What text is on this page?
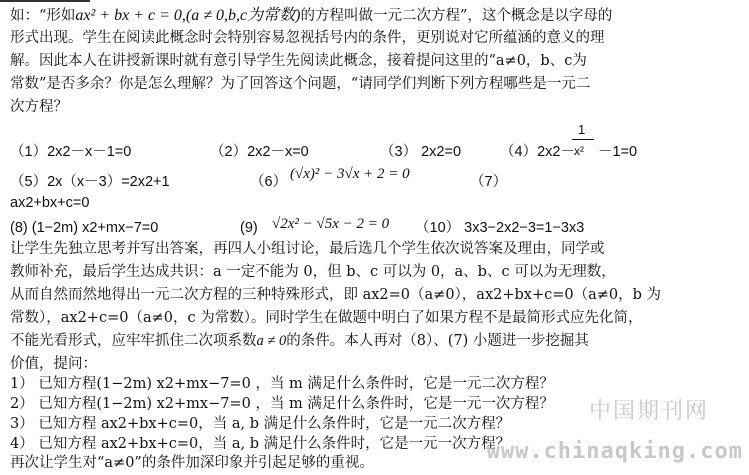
如：“形如ax² + bx + c = 0,(a ≠ 0,b,c为常数)的方程叫做一元二次方程”，这个概念是以字母的
形式出现。学生在阅读此概念时会特别容易忽视括号内的条件，更别说对它所蕴涵的意义的理
解。因此本人在讲授新课时就有意引导学生先阅读此概念，接着提问这里的“a≠0，b、c为
常数”是否多余？你是怎么理解？为了回答这个问题，“请同学们判断下列方程哪些是一元二
次方程？
（1）2x2－x－1=0	（2）2x2－x=0	（3） 2x2=0	（4）2x2－
1
x² －1=0
（5）2x（x－3）=2x2+1	（6） (√x)² − 3√x + 2 = 0	（7）
ax2+bx+c=0
(8) (1−2m) x2+mx−7=0	(9) √2x² − √5x − 2 = 0 （10） 3x3−2x2−3=1−3x3
让学生先独立思考并写出答案，再四人小组讨论，最后选几个学生依次说答案及理由，同学或
教师补充，最后学生达成共识：a 一定不能为 0，但 b、c 可以为 0，a、b、c 可以为无理数，
从而自然而然地得出一元二次方程的三种特殊形式，即 ax2=0（a≠0），ax2+bx+c=0（a≠0，b 为
常数），ax2+c=0（a≠0，c 为常数）。同时学生在做题中明白了如果方程不是最简形式应先化简，
不能光看形式，应牢牢抓住二次项系数a ≠ 0的条件。本人再对（8）、(7) 小题进一步挖掘其
价值，提问：
1） 已知方程(1−2m) x2+mx−7=0 ，当 m 满足什么条件时，它是一元二次方程？
2） 已知方程(1−2m) x2+mx−7=0 ，当 m 满足什么条件时，它是一元一次方程？
3） 已知方程 ax2+bx+c=0，当 a, b 满足什么条件时，它是一元二次方程？
4） 已知方程 ax2+bx+c=0，当 a, b 满足什么条件时，它是一元一次方程？
再次让学生对“a≠0”的条件加深印象并引起足够的重视。
中国期刊网
www.chinaqking.com
